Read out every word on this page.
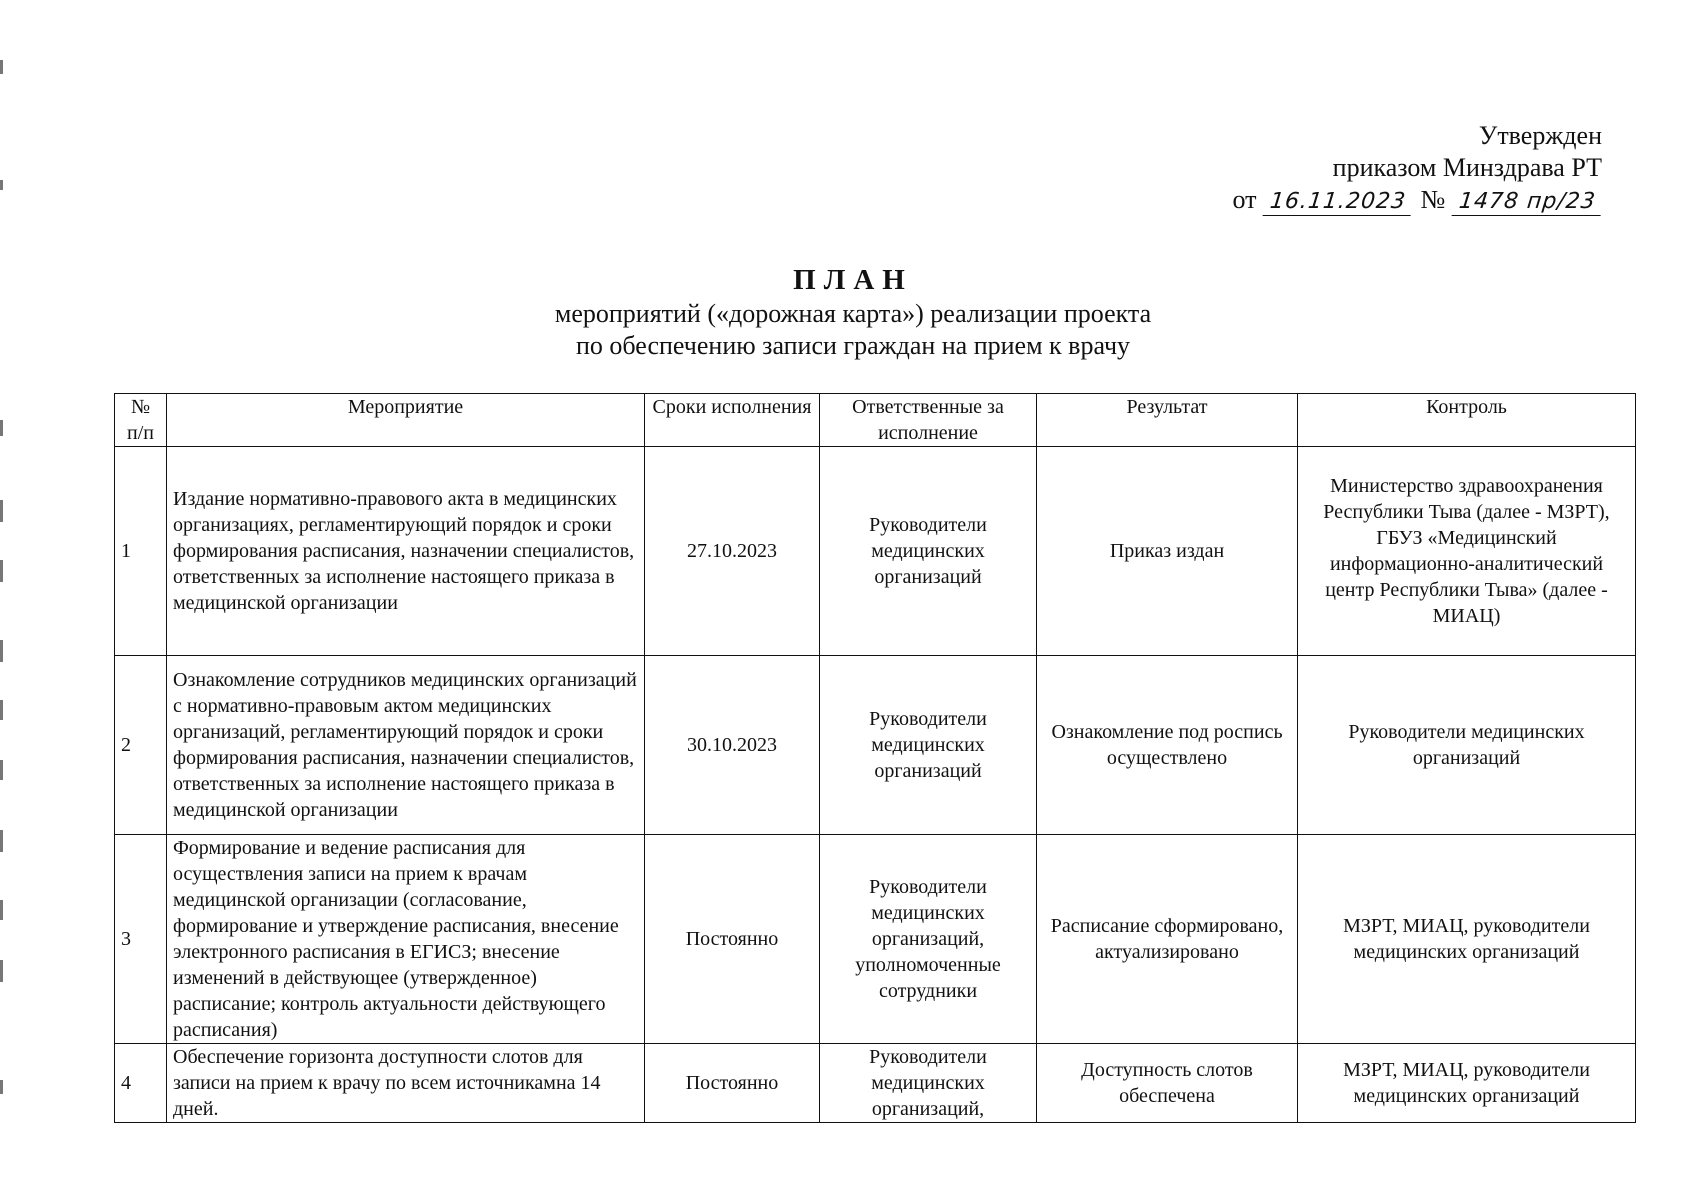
Утвержден
приказом Минздрава РТ
от 16.11.2023 № 1478 пр/23
ПЛАН
мероприятий («дорожная карта») реализации проекта
по обеспечению записи граждан на прием к врачу
№ п/п	Мероприятие	Сроки исполнения	Ответственные за исполнение	Результат	Контроль
1	Издание нормативно-правового акта в медицинских организациях, регламентирующий порядок и сроки формирования расписания, назначении специалистов, ответственных за исполнение настоящего приказа в медицинской организации	27.10.2023	Руководители медицинских организаций	Приказ издан	Министерство здравоохранения Республики Тыва (далее - МЗРТ), ГБУЗ «Медицинский информационно-аналитический центр Республики Тыва» (далее - МИАЦ)
2	Ознакомление сотрудников медицинских организаций с нормативно-правовым актом медицинских организаций, регламентирующий порядок и сроки формирования расписания, назначении специалистов, ответственных за исполнение настоящего приказа в медицинской организации	30.10.2023	Руководители медицинских организаций	Ознакомление под роспись осуществлено	Руководители медицинских организаций
3	Формирование и ведение расписания для осуществления записи на прием к врачам медицинской организации (согласование, формирование и утверждение расписания, внесение электронного расписания в ЕГИСЗ; внесение изменений в действующее (утвержденное) расписание; контроль актуальности действующего расписания)	Постоянно	Руководители медицинских организаций, уполномоченные сотрудники	Расписание сформировано, актуализировано	МЗРТ, МИАЦ, руководители медицинских организаций
4	Обеспечение горизонта доступности слотов для записи на прием к врачу по всем источникамна 14 дней.	Постоянно	Руководители медицинских организаций,	Доступность слотов обеспечена	МЗРТ, МИАЦ, руководители медицинских организаций
